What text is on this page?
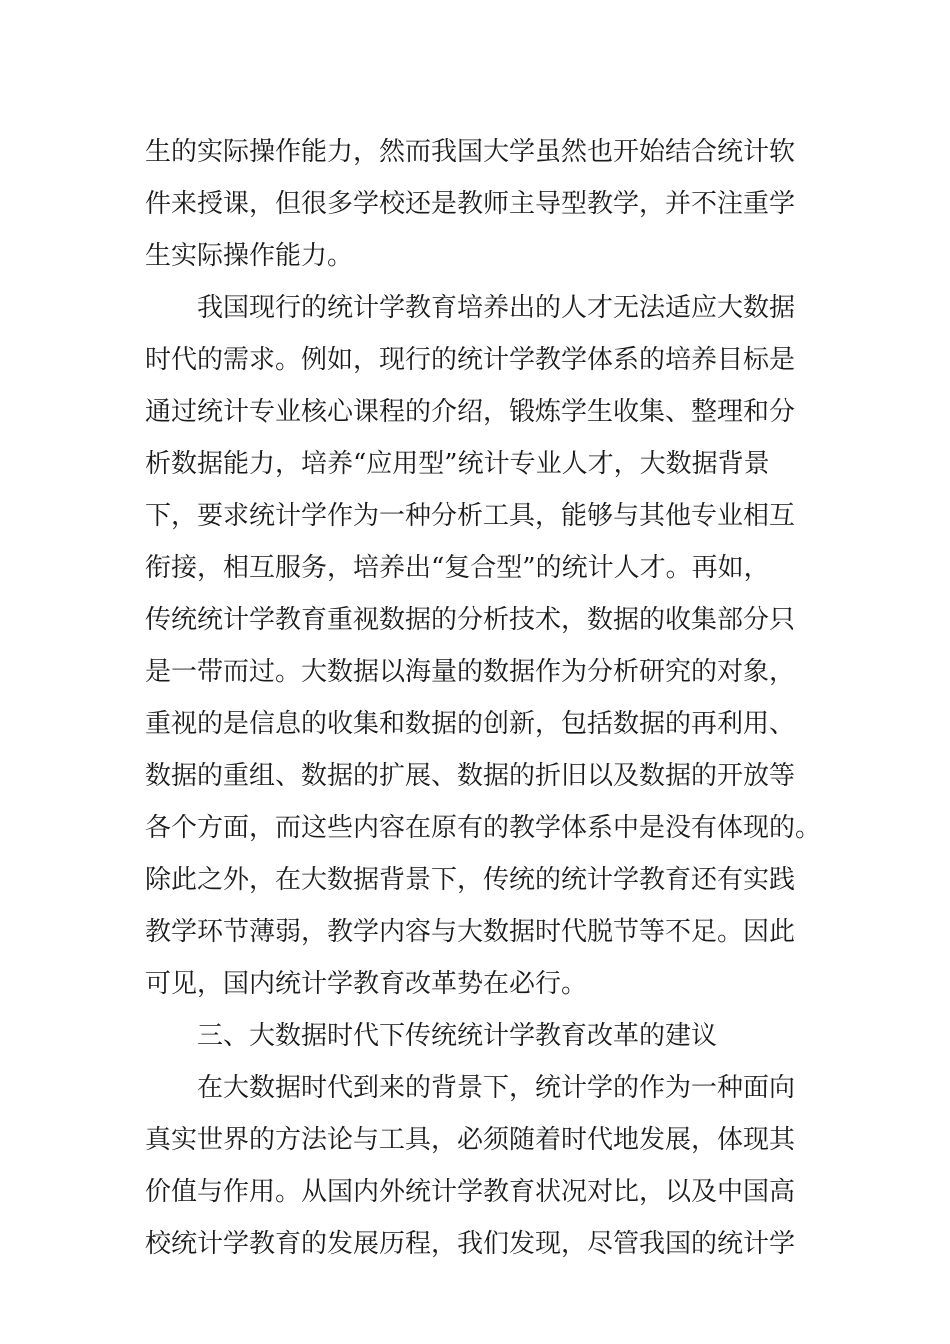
生的实际操作能力，然而我国大学虽然也开始结合统计软
件来授课，但很多学校还是教师主导型教学，并不注重学
生实际操作能力。
我国现行的统计学教育培养出的人才无法适应大数据
时代的需求。例如，现行的统计学教学体系的培养目标是
通过统计专业核心课程的介绍，锻炼学生收集、整理和分
析数据能力，培养“应用型”统计专业人才，大数据背景
下，要求统计学作为一种分析工具，能够与其他专业相互
衔接，相互服务，培养出“复合型”的统计人才。再如，
传统统计学教育重视数据的分析技术，数据的收集部分只
是一带而过。大数据以海量的数据作为分析研究的对象，
重视的是信息的收集和数据的创新，包括数据的再利用、
数据的重组、数据的扩展、数据的折旧以及数据的开放等
各个方面，而这些内容在原有的教学体系中是没有体现的。
除此之外，在大数据背景下，传统的统计学教育还有实践
教学环节薄弱，教学内容与大数据时代脱节等不足。因此
可见，国内统计学教育改革势在必行。
三、大数据时代下传统统计学教育改革的建议
在大数据时代到来的背景下，统计学的作为一种面向
真实世界的方法论与工具，必须随着时代地发展，体现其
价值与作用。从国内外统计学教育状况对比，以及中国高
校统计学教育的发展历程，我们发现，尽管我国的统计学
